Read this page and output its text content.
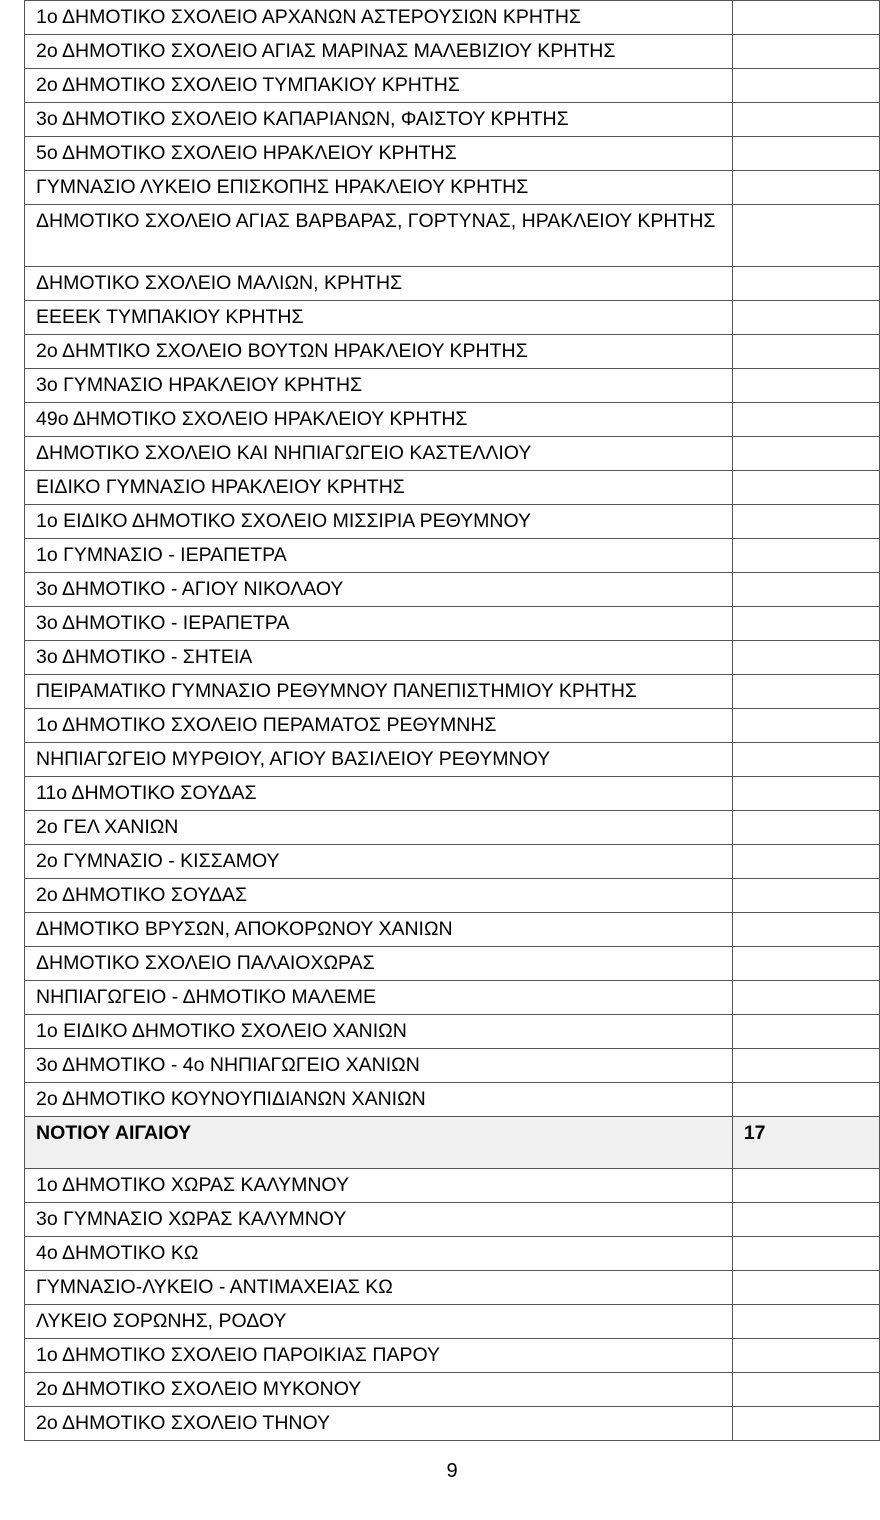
1ο ΔΗΜΟΤΙΚΟ ΣΧΟΛΕΙΟ ΑΡΧΑΝΩΝ ΑΣΤΕΡΟΥΣΙΩΝ ΚΡΗΤΗΣ	
2ο ΔΗΜΟΤΙΚΟ ΣΧΟΛΕΙΟ ΑΓΙΑΣ ΜΑΡΙΝΑΣ ΜΑΛΕΒΙΖΙΟΥ ΚΡΗΤΗΣ	
2ο ΔΗΜΟΤΙΚΟ ΣΧΟΛΕΙΟ ΤΥΜΠΑΚΙΟΥ ΚΡΗΤΗΣ	
3ο ΔΗΜΟΤΙΚΟ ΣΧΟΛΕΙΟ ΚΑΠΑΡΙΑΝΩΝ, ΦΑΙΣΤΟΥ ΚΡΗΤΗΣ	
5ο ΔΗΜΟΤΙΚΟ ΣΧΟΛΕΙΟ ΗΡΑΚΛΕΙΟΥ ΚΡΗΤΗΣ	
ΓΥΜΝΑΣΙΟ ΛΥΚΕΙΟ ΕΠΙΣΚΟΠΗΣ ΗΡΑΚΛΕΙΟΥ ΚΡΗΤΗΣ	
ΔΗΜΟΤΙΚΟ ΣΧΟΛΕΙΟ ΑΓΙΑΣ ΒΑΡΒΑΡΑΣ, ΓΟΡΤΥΝΑΣ, ΗΡΑΚΛΕΙΟΥ ΚΡΗΤΗΣ	
ΔΗΜΟΤΙΚΟ ΣΧΟΛΕΙΟ ΜΑΛΙΩΝ, ΚΡΗΤΗΣ	
ΕΕΕΕΚ ΤΥΜΠΑΚΙΟΥ ΚΡΗΤΗΣ	
2ο ΔΗΜΤΙΚΟ ΣΧΟΛΕΙΟ ΒΟΥΤΩΝ ΗΡΑΚΛΕΙΟΥ ΚΡΗΤΗΣ	
3ο ΓΥΜΝΑΣΙΟ ΗΡΑΚΛΕΙΟΥ ΚΡΗΤΗΣ	
49ο ΔΗΜΟΤΙΚΟ ΣΧΟΛΕΙΟ ΗΡΑΚΛΕΙΟΥ ΚΡΗΤΗΣ	
ΔΗΜΟΤΙΚΟ ΣΧΟΛΕΙΟ ΚΑΙ ΝΗΠΙΑΓΩΓΕΙΟ ΚΑΣΤΕΛΛΙΟΥ	
ΕΙΔΙΚΟ ΓΥΜΝΑΣΙΟ ΗΡΑΚΛΕΙΟΥ ΚΡΗΤΗΣ	
1ο ΕΙΔΙΚΟ ΔΗΜΟΤΙΚΟ ΣΧΟΛΕΙΟ ΜΙΣΣΙΡΙΑ ΡΕΘΥΜΝΟΥ	
1ο ΓΥΜΝΑΣΙΟ - ΙΕΡΑΠΕΤΡΑ	
3ο ΔΗΜΟΤΙΚΟ - ΑΓΙΟΥ ΝΙΚΟΛΑΟΥ	
3ο ΔΗΜΟΤΙΚΟ - ΙΕΡΑΠΕΤΡΑ	
3ο ΔΗΜΟΤΙΚΟ - ΣΗΤΕΙΑ	
ΠΕΙΡΑΜΑΤΙΚΟ ΓΥΜΝΑΣΙΟ ΡΕΘΥΜΝΟΥ ΠΑΝΕΠΙΣΤΗΜΙΟΥ ΚΡΗΤΗΣ	
1ο ΔΗΜΟΤΙΚΟ ΣΧΟΛΕΙΟ ΠΕΡΑΜΑΤΟΣ ΡΕΘΥΜΝΗΣ	
ΝΗΠΙΑΓΩΓΕΙΟ ΜΥΡΘΙΟΥ, ΑΓΙΟΥ ΒΑΣΙΛΕΙΟΥ ΡΕΘΥΜΝΟΥ	
11ο ΔΗΜΟΤΙΚΟ ΣΟΥΔΑΣ	
2ο ΓΕΛ ΧΑΝΙΩΝ	
2ο ΓΥΜΝΑΣΙΟ - ΚΙΣΣΑΜΟΥ	
2ο ΔΗΜΟΤΙΚΟ ΣΟΥΔΑΣ	
ΔΗΜΟΤΙΚΟ ΒΡΥΣΩΝ, ΑΠΟΚΟΡΩΝΟΥ ΧΑΝΙΩΝ	
ΔΗΜΟΤΙΚΟ ΣΧΟΛΕΙΟ ΠΑΛΑΙΟΧΩΡΑΣ	
ΝΗΠΙΑΓΩΓΕΙΟ - ΔΗΜΟΤΙΚΟ ΜΑΛΕΜΕ	
1ο ΕΙΔΙΚΟ ΔΗΜΟΤΙΚΟ ΣΧΟΛΕΙΟ ΧΑΝΙΩΝ	
3ο ΔΗΜΟΤΙΚΟ - 4ο ΝΗΠΙΑΓΩΓΕΙΟ ΧΑΝΙΩΝ	
2ο ΔΗΜΟΤΙΚΟ ΚΟΥΝΟΥΠΙΔΙΑΝΩΝ ΧΑΝΙΩΝ	
ΝΟΤΙΟΥ ΑΙΓΑΙΟΥ	17
1ο ΔΗΜΟΤΙΚΟ ΧΩΡΑΣ ΚΑΛΥΜΝΟΥ	
3ο ΓΥΜΝΑΣΙΟ ΧΩΡΑΣ ΚΑΛΥΜΝΟΥ	
4ο ΔΗΜΟΤΙΚΟ ΚΩ	
ΓΥΜΝΑΣΙΟ-ΛΥΚΕΙΟ - ΑΝΤΙΜΑΧΕΙΑΣ ΚΩ	
ΛΥΚΕΙΟ ΣΟΡΩΝΗΣ, ΡΟΔΟΥ	
1ο ΔΗΜΟΤΙΚΟ ΣΧΟΛΕΙΟ ΠΑΡΟΙΚΙΑΣ ΠΑΡΟΥ	
2ο ΔΗΜΟΤΙΚΟ ΣΧΟΛΕΙΟ ΜΥΚΟΝΟΥ	
2ο ΔΗΜΟΤΙΚΟ ΣΧΟΛΕΙΟ ΤΗΝΟΥ	
9
